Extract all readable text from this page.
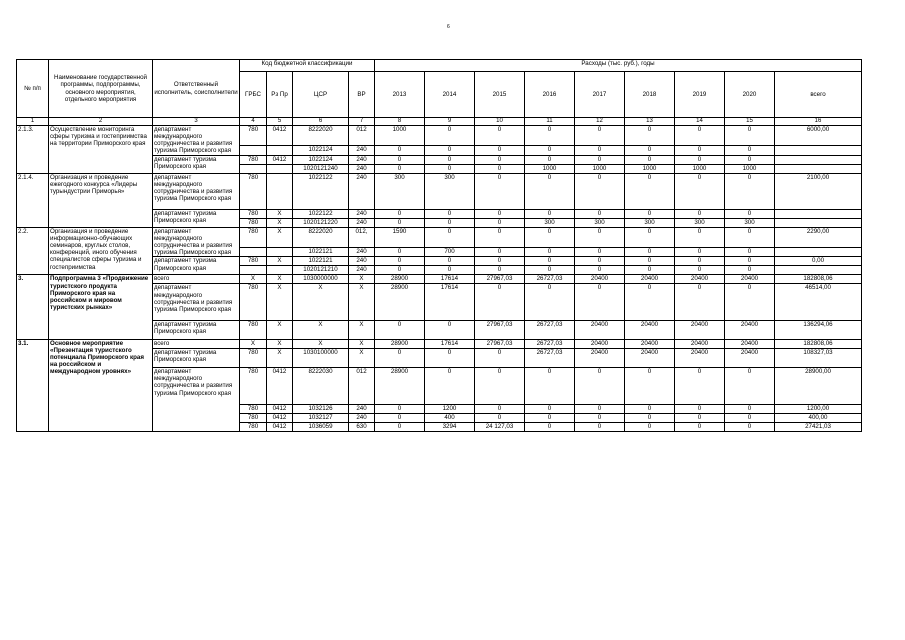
6
№ п/п	Наименование государственной программы, подпрограммы, основного мероприятия, отдельного мероприятия	Ответственный исполнитель, соисполнители	Код бюджетной классификации				Расходы (тыс. руб.), годы								
			ГРБС	Рз Пр	ЦСР	ВР	2013	2014	2015	2016	2017	2018	2019	2020	всего
1	2	3	4	5	6	7	8	9	10	11	12	13	14	15	16
2.1.3.	Осуществление мониторинга сферы туризма и гостеприимства на территории Приморского края	департамент международного сотрудничества и развития туризма Приморского края	780	0412	8222020	012	1000	0	0	0	0	0	0	0	6000,00
					1022124	240	0	0	0	0	0	0	0	0	
		департамент туризма Приморского края	780	0412	1022124	240	0	0	0	0	0	0	0	0	
					1020121240	240	0	0	0	1000	1000	1000	1000	1000	
2.1.4.	Организация и проведение ежегодного конкурса «Лидеры турындустрии Приморья»	департамент международного сотрудничества и развития туризма Приморского края	780		1022122	240	300	300	0	0	0	0	0	0	2100,00
		департамент туризма Приморского края	780	X	1022122	240	0	0	0	0	0	0	0	0	
			780	X	1020121220	240	0	0	0	300	300	300	300	300	
2.2.	Организация и проведение информационно-обучающих семинаров, круглых столов, конференций, иного обучения специалистов сферы туризма и гостеприимства	департамент международного сотрудничества и развития туризма Приморского края	780	X	8222020	012,	1590	0	0	0	0	0	0	0	2290,00
					1022121	240	0	700	0	0	0	0	0	0	
		департамент туризма Приморского края	780	X	1022121	240	0	0	0	0	0	0	0	0	0,00
					1020121210	240	0	0	0	0	0	0	0	0	
3.	Подпрограмма 3 «Продвижение туристского продукта Приморского края на российском и мировом туристских рынках»	всего	X	X	1030000000	X	28900	17614	27967,03	26727,03	20400	20400	20400	20400	182808,06
		департамент международного сотрудничества и развития туризма Приморского края	780	X	X	X	28900	17614	0	0	0	0	0	0	46514,00
		департамент туризма Приморского края	780	X	X	X	0	0	27967,03	26727,03	20400	20400	20400	20400	136294,06
3.1.	Основное мероприятие «Презентация туристского потенциала Приморского края на российском и международном уровнях»	всего	X	X	X	X	28900	17614	27967,03	26727,03	20400	20400	20400	20400	182808,06
		департамент туризма Приморского края	780	X	1030100000	X	0	0	0	26727,03	20400	20400	20400	20400	108327,03
		департамент международного сотрудничества и развития туризма Приморского края	780	0412	8222030	012	28900	0	0	0	0	0	0	0	28900,00
			780	0412	1032126	240	0	1200	0	0	0	0	0	0	1200,00
			780	0412	1032127	240	0	400	0	0	0	0	0	0	400,00
			780	0412	1036059	630	0	3294	24 127,03	0	0	0	0	0	27421,03
